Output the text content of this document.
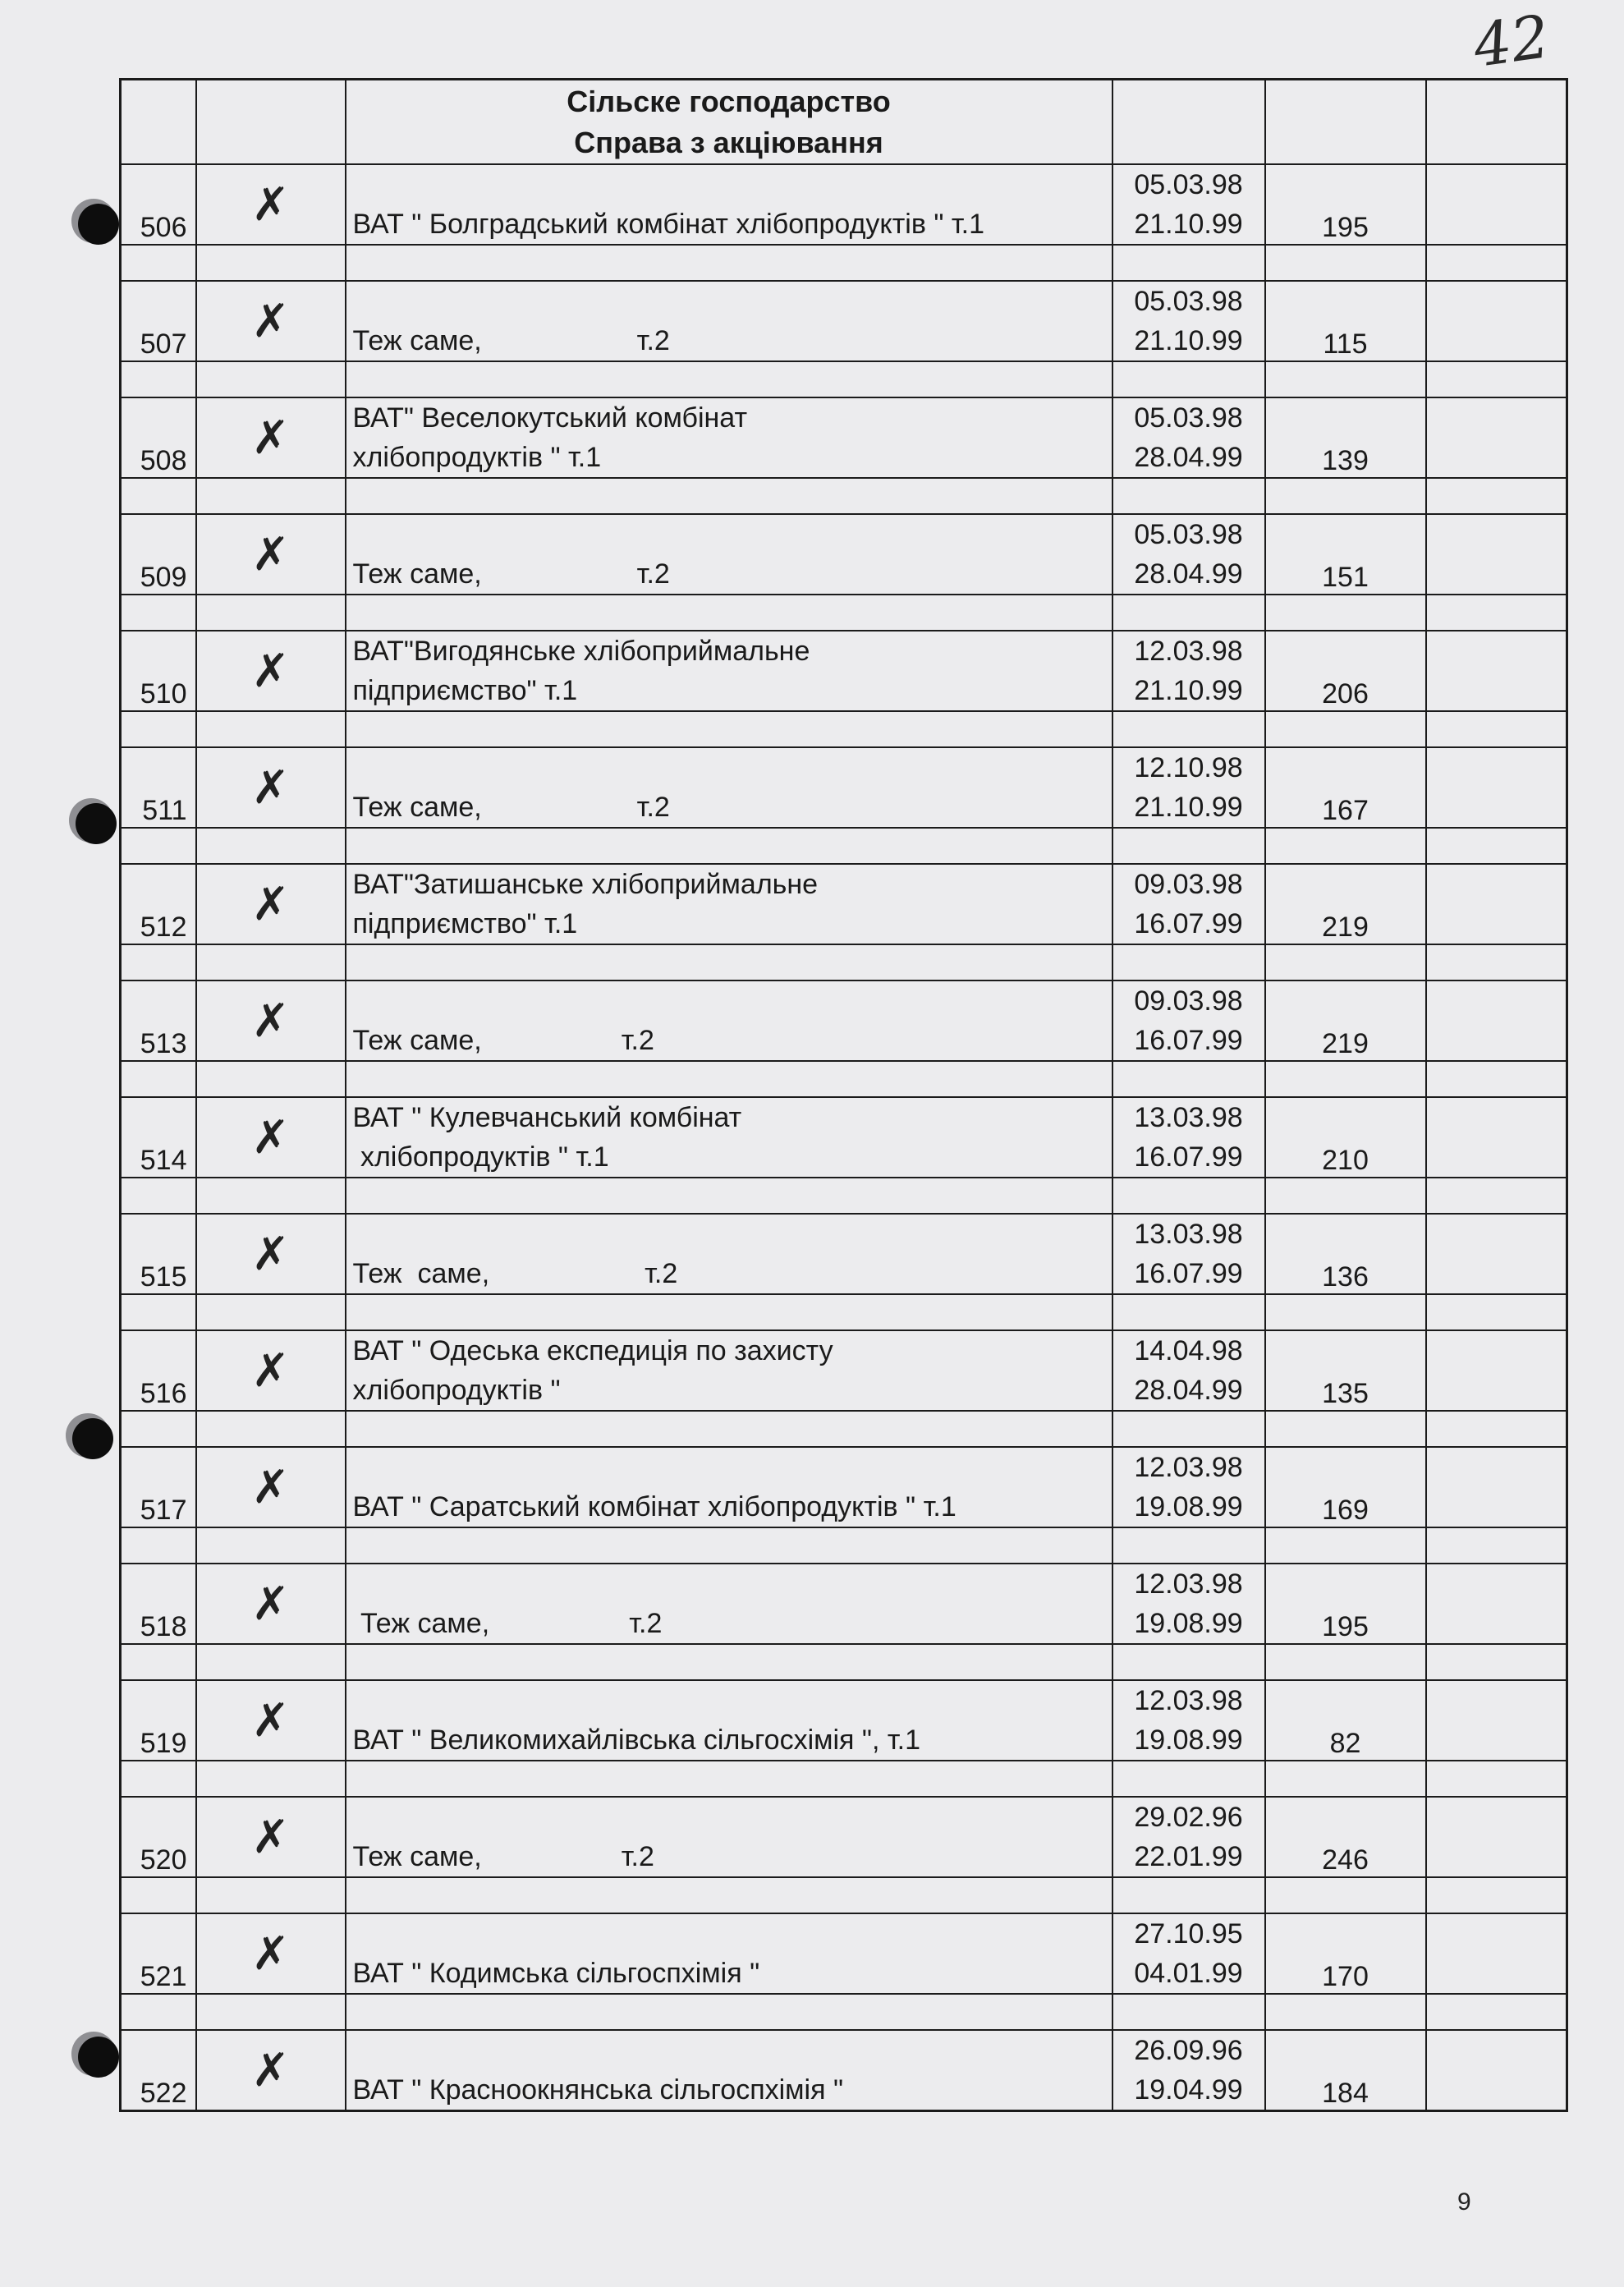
42

		Сільске господарство
Справа з акціювання			

506	✗	ВАТ " Болградський комбінат хлібопродуктів " т.1	05.03.98
21.10.99	195	

507	✗	Теж саме,                    т.2	05.03.98
21.10.99	115	

508	✗	ВАТ" Веселокутський комбінат
хлібопродуктів " т.1	05.03.98
28.04.99	139	

509	✗	Теж саме,                    т.2	05.03.98
28.04.99	151	

510	✗	ВАТ"Вигодянське хлібоприймальне
підприємство" т.1	12.03.98
21.10.99	206	

511	✗	Теж саме,                    т.2	12.10.98
21.10.99	167	

512	✗	ВАТ"Затишанське хлібоприймальне
підприємство" т.1	09.03.98
16.07.99	219	

513	✗	Теж саме,                  т.2	09.03.98
16.07.99	219	

514	✗	ВАТ " Кулевчанський комбінат
хлібопродуктів " т.1	13.03.98
16.07.99	210	

515	✗	Теж  саме,                    т.2	13.03.98
16.07.99	136	

516	✗	ВАТ " Одеська експедиція по захисту
хлібопродуктів "	14.04.98
28.04.99	135	

517	✗	ВАТ " Саратський комбінат хлібопродуктів " т.1	12.03.98
19.08.99	169	

518	✗	Теж саме,                  т.2	12.03.98
19.08.99	195	

519	✗	ВАТ " Великомихайлівська сільгосхімія ", т.1	12.03.98
19.08.99	82	

520	✗	Теж саме,                  т.2	29.02.96
22.01.99	246	

521	✗	ВАТ " Кодимська сільгоспхімія "	27.10.95
04.01.99	170	

522	✗	ВАТ " Красноокнянська сільгоспхімія "	26.09.96
19.04.99	184	
9
